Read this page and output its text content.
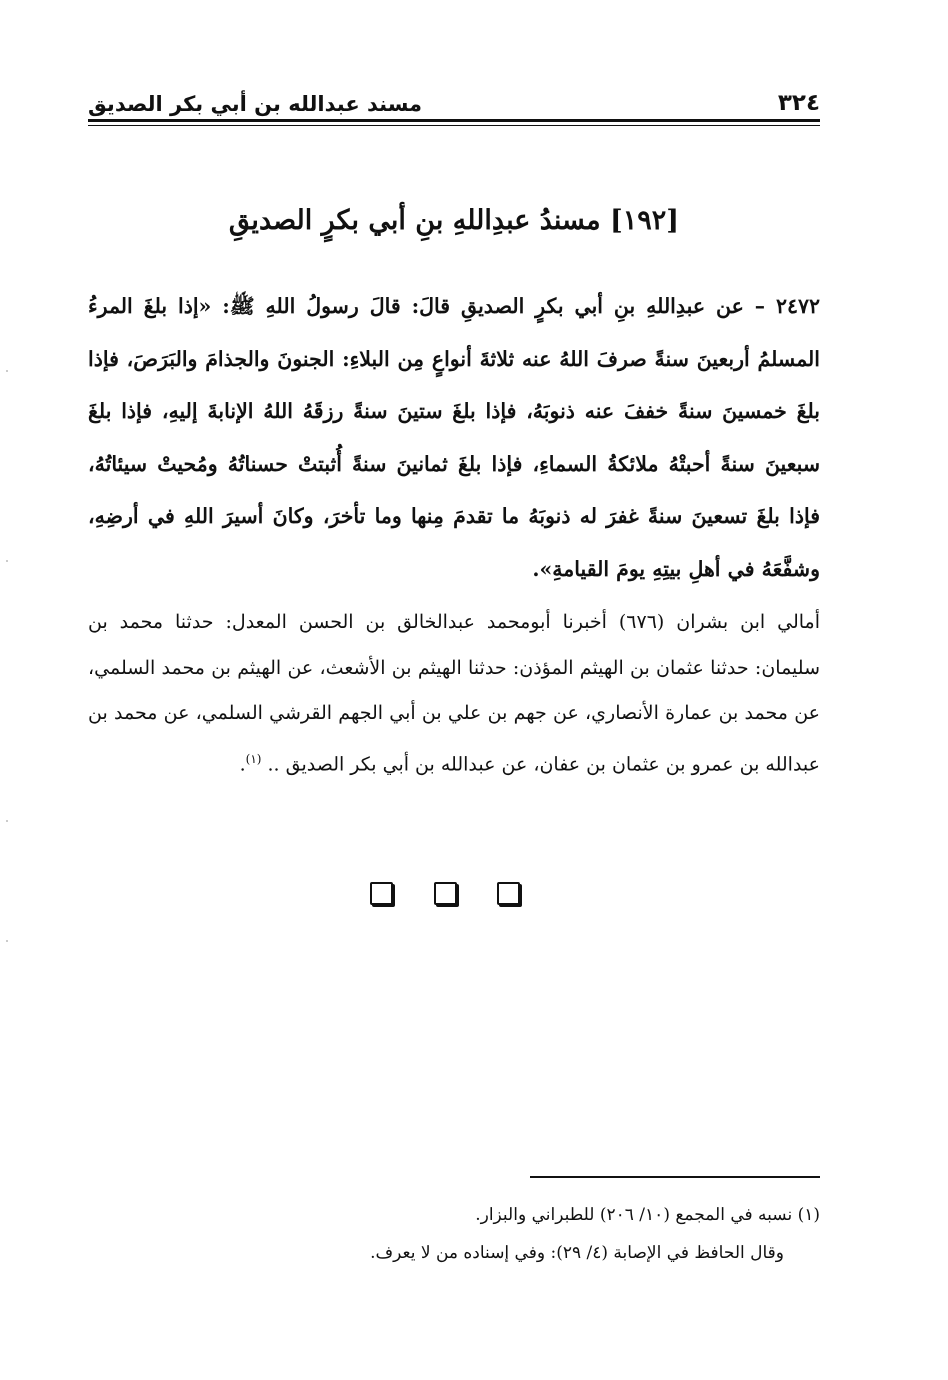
٣٢٤
مسند عبدالله بن أبي بكر الصديق
[١٩٢] مسندُ عبدِاللهِ بنِ أبي بكرٍ الصديقِ
٢٤٧٢ – عن عبدِاللهِ بنِ أبي بكرٍ الصديقِ قالَ: قالَ رسولُ اللهِ ﷺ: «إذا بلغَ المرءُ المسلمُ أربعينَ سنةً صرفَ اللهُ عنه ثلاثةَ أنواعٍ مِن البلاءِ: الجنونَ والجذامَ والبَرَصَ، فإذا بلغَ خمسينَ سنةً خففَ عنه ذنوبَهُ، فإذا بلغَ ستينَ سنةً رزقَهُ اللهُ الإنابةَ إليهِ، فإذا بلغَ سبعينَ سنةً أحبتْهُ ملائكةُ السماءِ، فإذا بلغَ ثمانينَ سنةً أُثبتتْ حسناتُهُ ومُحيتْ سيئاتُهُ، فإذا بلغَ تسعينَ سنةً غفرَ له ذنوبَهُ ما تقدمَ مِنها وما تأخرَ، وكانَ أسيرَ اللهِ في أرضِهِ، وشفَّعَهُ في أهلِ بيتِهِ يومَ القيامةِ».
أمالي ابن بشران (٦٧٦) أخبرنا أبومحمد عبدالخالق بن الحسن المعدل: حدثنا محمد بن سليمان: حدثنا عثمان بن الهيثم المؤذن: حدثنا الهيثم بن الأشعث، عن الهيثم بن محمد السلمي، عن محمد بن عمارة الأنصاري، عن جهم بن علي بن أبي الجهم القرشي السلمي، عن محمد بن عبدالله بن عمرو بن عثمان بن عفان، عن عبدالله بن أبي بكر الصديق .. $^{(١)}$.
(١) نسبه في المجمع (١٠/ ٢٠٦) للطبراني والبزار.
وقال الحافظ في الإصابة (٤/ ٢٩): وفي إسناده من لا يعرف.
